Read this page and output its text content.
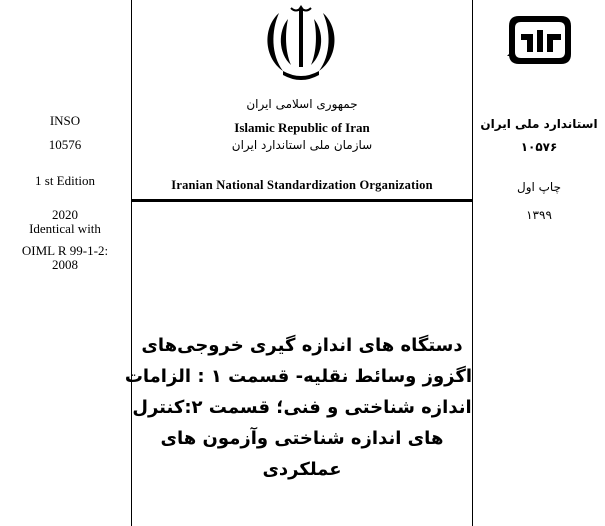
INSO
10576
1 st Edition
2020
Identical with
OIML R 99-1-2:
2008
جمهوری اسلامی ایران
Islamic Republic of Iran
سازمان ملی استاندارد ایران
Iranian National Standardization Organization
دستگاه های اندازه گیری خروجی‌های
اگزوز وسائط نقلیه- قسمت ۱ : الزامات
اندازه شناختی و فنی؛ قسمت ۲:کنترل
های اندازه شناختی وآزمون های
عملکردی
استاندارد ملی ایران
۱۰۵۷۶
چاپ اول
۱۳۹۹
